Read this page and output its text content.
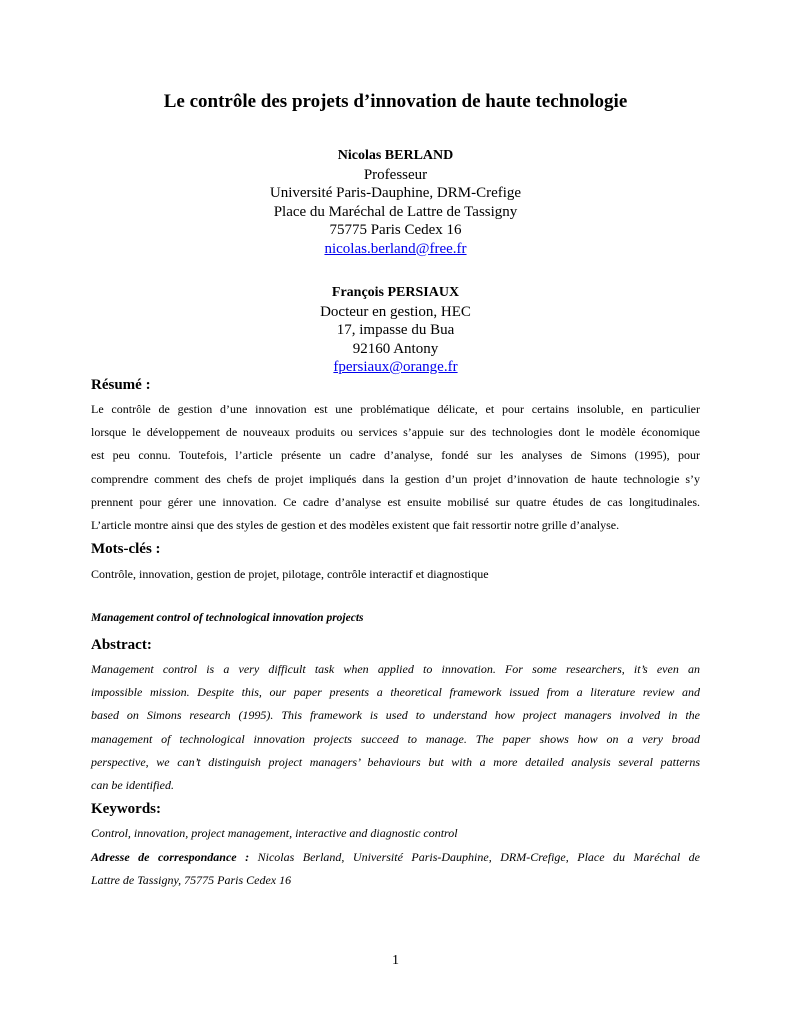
Le contrôle des projets d’innovation de haute technologie
Nicolas BERLAND
Professeur
Université Paris-Dauphine, DRM-Crefige
Place du Maréchal de Lattre de Tassigny
75775 Paris Cedex 16
nicolas.berland@free.fr
François PERSIAUX
Docteur en gestion, HEC
17, impasse du Bua
92160 Antony
fpersiaux@orange.fr
Résumé :
Le contrôle de gestion d’une innovation est une problématique délicate, et pour certains insoluble, en particulier
lorsque le développement de nouveaux produits ou services s’appuie sur des technologies dont le modèle économique
est peu connu. Toutefois, l’article présente un cadre d’analyse, fondé sur les analyses de Simons (1995), pour
comprendre comment des chefs de projet impliqués dans la gestion d’un projet d’innovation de haute technologie s’y
prennent pour gérer une innovation. Ce cadre d’analyse est ensuite mobilisé sur quatre études de cas longitudinales.
L’article montre ainsi que des styles de gestion et des modèles existent que fait ressortir notre grille d’analyse.
Mots-clés :
Contrôle, innovation, gestion de projet, pilotage, contrôle interactif et diagnostique
Management control of technological innovation projects
Abstract:
Management control is a very difficult task when applied to innovation. For some researchers, it’s even an
impossible mission. Despite this, our paper presents a theoretical framework issued from a literature review and
based on Simons research (1995). This framework is used to understand how project managers involved in the
management of technological innovation projects succeed to manage. The paper shows how on a very broad
perspective, we can’t distinguish project managers’ behaviours but with a more detailed analysis several patterns
can be identified.
Keywords:
Control, innovation, project management, interactive and diagnostic control
Adresse de correspondance : Nicolas Berland, Université Paris-Dauphine, DRM-Crefige, Place du Maréchal de
Lattre de Tassigny, 75775 Paris Cedex 16
1
